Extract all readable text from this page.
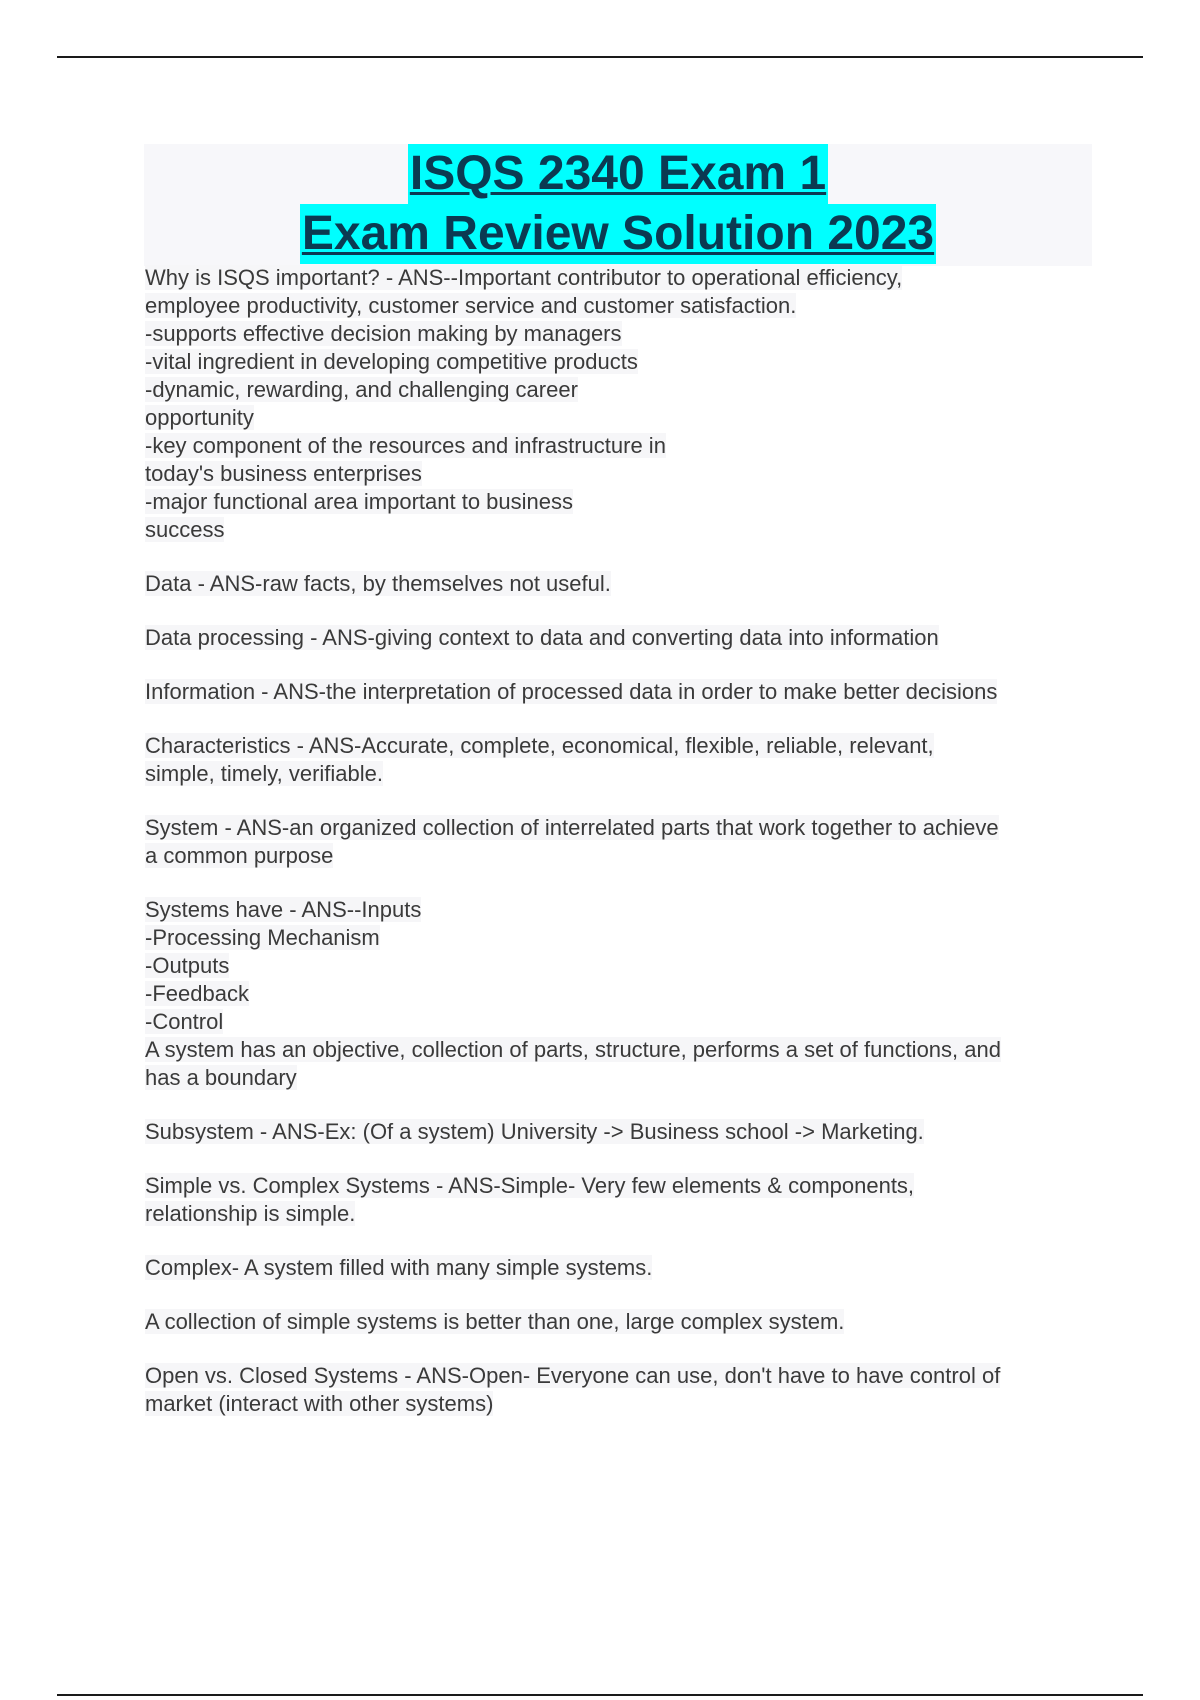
ISQS 2340 Exam 1
Exam Review Solution 2023
Why is ISQS important? - ANS--Important contributor to operational efficiency,
employee productivity, customer service and customer satisfaction.
-supports effective decision making by managers
-vital ingredient in developing competitive products
-dynamic, rewarding, and challenging career
opportunity
-key component of the resources and infrastructure in
today's business enterprises
-major functional area important to business
success
Data - ANS-raw facts, by themselves not useful.
Data processing - ANS-giving context to data and converting data into information
Information - ANS-the interpretation of processed data in order to make better decisions
Characteristics - ANS-Accurate, complete, economical, flexible, reliable, relevant,
simple, timely, verifiable.
System - ANS-an organized collection of interrelated parts that work together to achieve
a common purpose
Systems have - ANS--Inputs
-Processing Mechanism
-Outputs
-Feedback
-Control
A system has an objective, collection of parts, structure, performs a set of functions, and
has a boundary
Subsystem - ANS-Ex: (Of a system) University -> Business school -> Marketing.
Simple vs. Complex Systems - ANS-Simple- Very few elements & components,
relationship is simple.
Complex- A system filled with many simple systems.
A collection of simple systems is better than one, large complex system.
Open vs. Closed Systems - ANS-Open- Everyone can use, don't have to have control of
market (interact with other systems)
